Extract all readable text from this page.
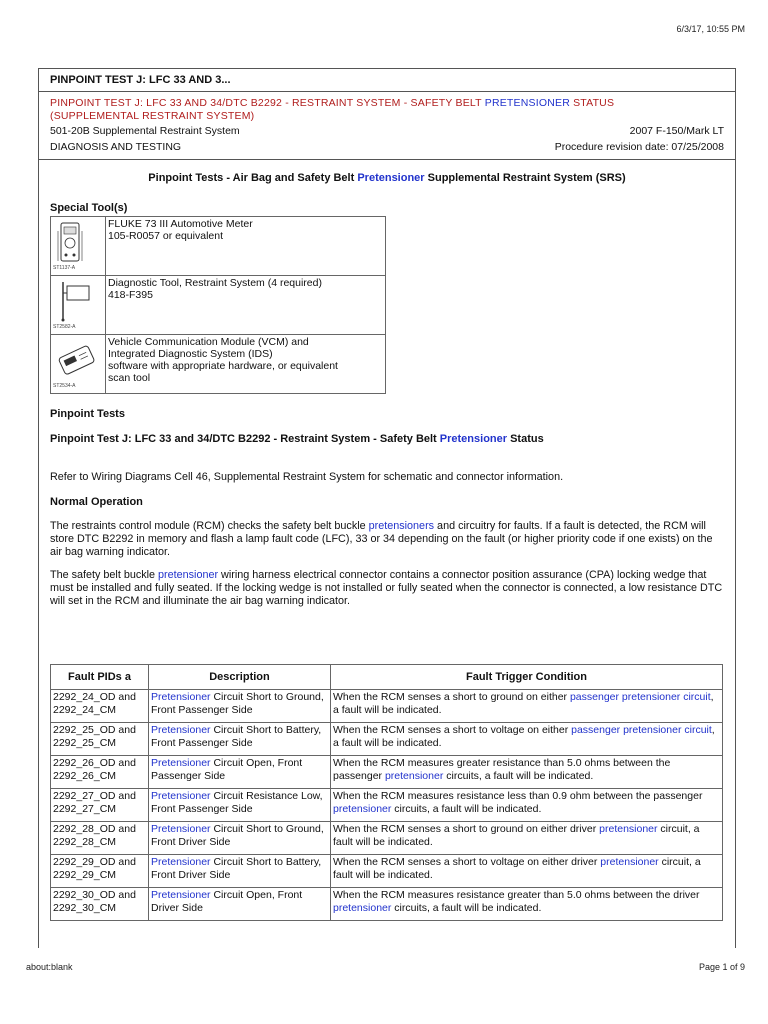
6/3/17, 10:55 PM
PINPOINT TEST J: LFC 33 AND 3...
PINPOINT TEST J: LFC 33 AND 34/DTC B2292 - RESTRAINT SYSTEM - SAFETY BELT PRETENSIONER STATUS
(SUPPLEMENTAL RESTRAINT SYSTEM)
501-20B Supplemental Restraint System	2007 F-150/Mark LT
DIAGNOSIS AND TESTING	Procedure revision date: 07/25/2008
Pinpoint Tests - Air Bag and Safety Belt Pretensioner Supplemental Restraint System (SRS)
Special Tool(s)
ST1137-A	FLUKE 73 III Automotive Meter
105-R0057 or equivalent

ST2582-A	Diagnostic Tool, Restraint System (4 required)
418-F395

ST2534-A	Vehicle Communication Module (VCM) and
Integrated Diagnostic System (IDS)
software with appropriate hardware, or equivalent
scan tool
Pinpoint Tests
Pinpoint Test J: LFC 33 and 34/DTC B2292 - Restraint System - Safety Belt Pretensioner Status

Refer to Wiring Diagrams Cell 46, Supplemental Restraint System for schematic and connector information.

Normal Operation

The restraints control module (RCM) checks the safety belt buckle pretensioners and circuitry for faults. If a fault is detected, the RCM will store DTC B2292 in memory and flash a lamp fault code (LFC), 33 or 34 depending on the fault (or higher priority code if one exists) on the air bag warning indicator.

The safety belt buckle pretensioner wiring harness electrical connector contains a connector position assurance (CPA) locking wedge that must be installed and fully seated. If the locking wedge is not installed or fully seated when the connector is connected, a low resistance DTC will set in the RCM and illuminate the air bag warning indicator.

Fault PIDs a	Description	Fault Trigger Condition
2292_24_OD and
2292_24_CM	Pretensioner Circuit Short to Ground, Front Passenger Side	When the RCM senses a short to ground on either passenger pretensioner circuit, a fault will be indicated.
2292_25_OD and
2292_25_CM	Pretensioner Circuit Short to Battery, Front Passenger Side	When the RCM senses a short to voltage on either passenger pretensioner circuit, a fault will be indicated.
2292_26_OD and
2292_26_CM	Pretensioner Circuit Open, Front Passenger Side	When the RCM measures greater resistance than 5.0 ohms between the passenger pretensioner circuits, a fault will be indicated.
2292_27_OD and
2292_27_CM	Pretensioner Circuit Resistance Low, Front Passenger Side	When the RCM measures resistance less than 0.9 ohm between the passenger pretensioner circuits, a fault will be indicated.
2292_28_OD and
2292_28_CM	Pretensioner Circuit Short to Ground, Front Driver Side	When the RCM senses a short to ground on either driver pretensioner circuit, a fault will be indicated.
2292_29_OD and
2292_29_CM	Pretensioner Circuit Short to Battery, Front Driver Side	When the RCM senses a short to voltage on either driver pretensioner circuit, a fault will be indicated.
2292_30_OD and
2292_30_CM	Pretensioner Circuit Open, Front Driver Side	When the RCM measures resistance greater than 5.0 ohms between the driver pretensioner circuits, a fault will be indicated.
about:blank	Page 1 of 9
